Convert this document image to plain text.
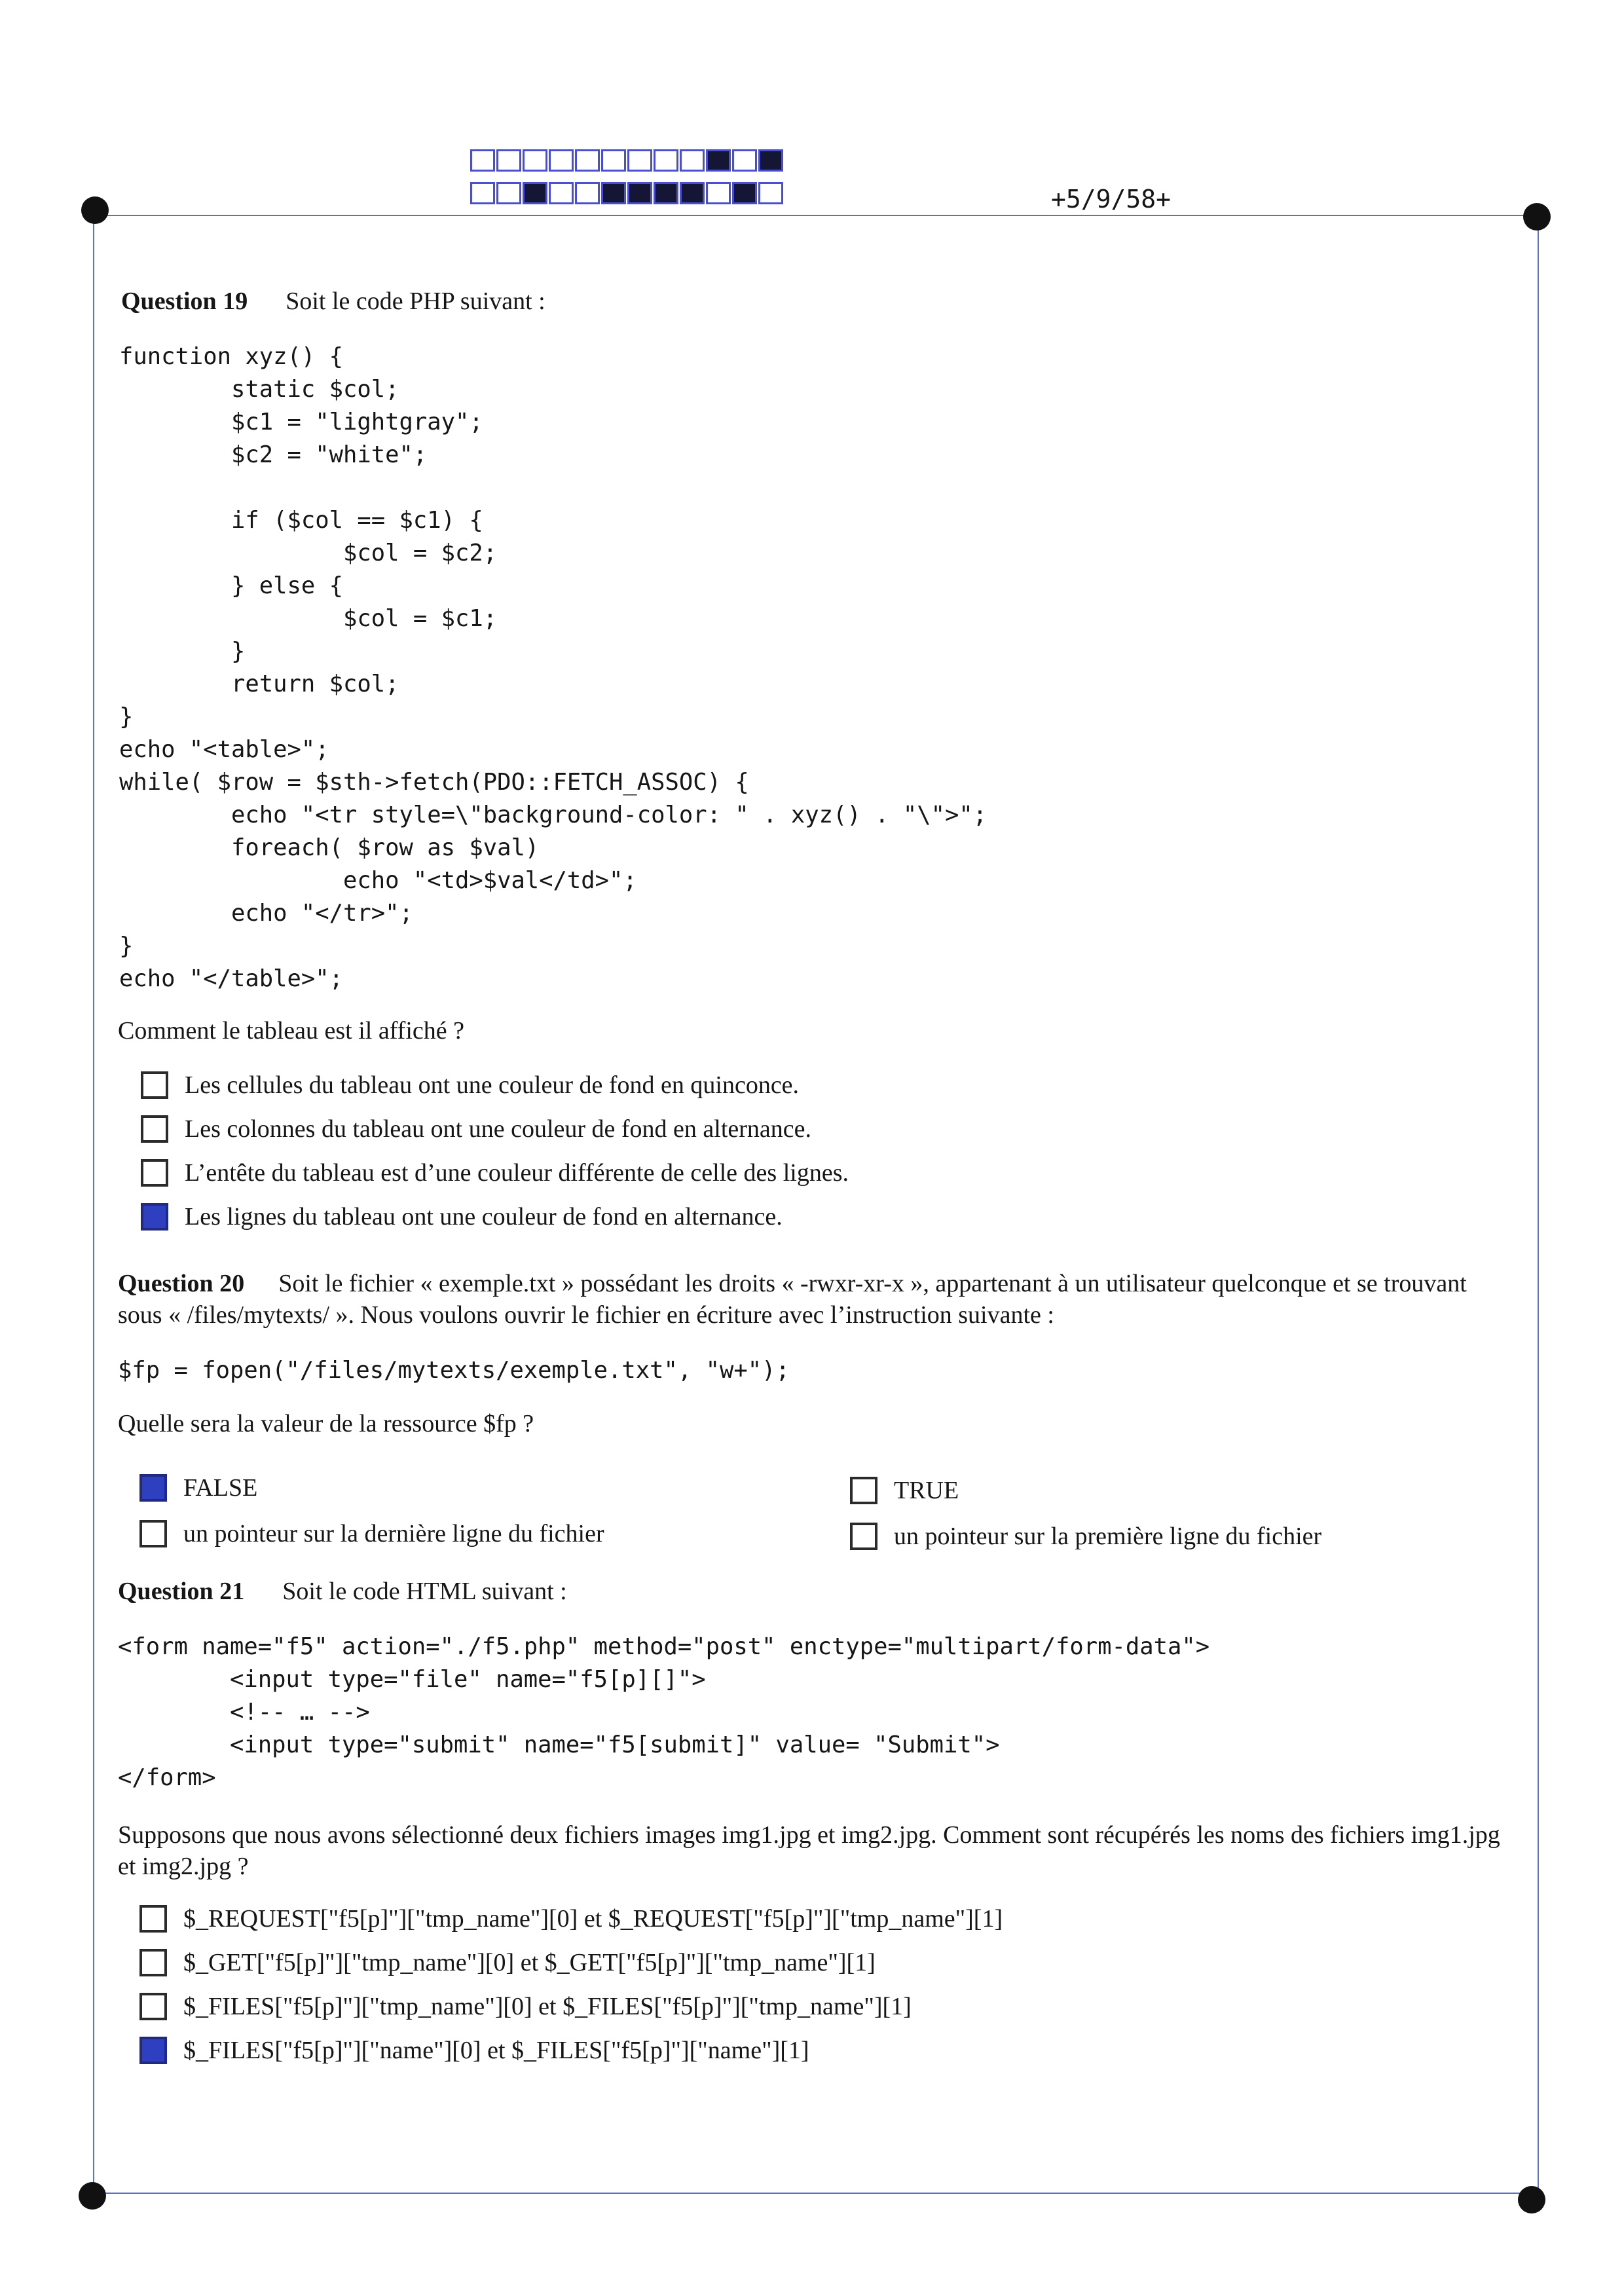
+5/9/58+
Question 19 Soit le code PHP suivant :
function xyz() {
static $col;
$c1 = "lightgray";
$c2 = "white";

if ($col == $c1) {
$col = $c2;
} else {
$col = $c1;
}
return $col;
}
echo "<table>";
while( $row = $sth->fetch(PDO::FETCH_ASSOC) {
echo "<tr style=\"background-color: " . xyz() . "\">";
foreach( $row as $val)
echo "<td>$val</td>";
echo "</tr>";
}
echo "</table>";
Comment le tableau est il affiché ?
Les cellules du tableau ont une couleur de fond en quinconce.
Les colonnes du tableau ont une couleur de fond en alternance.
L’entête du tableau est d’une couleur différente de celle des lignes.
Les lignes du tableau ont une couleur de fond en alternance.
Question 20 Soit le fichier « exemple.txt » possédant les droits « -rwxr-xr-x », appartenant à un utilisateur quelconque et se trouvant sous « /files/mytexts/ ». Nous voulons ouvrir le fichier en écriture avec l’instruction suivante :
$fp = fopen("/files/mytexts/exemple.txt", "w+");
Quelle sera la valeur de la ressource $fp ?
FALSE	TRUE
un pointeur sur la dernière ligne du fichier	un pointeur sur la première ligne du fichier
Question 21 Soit le code HTML suivant :
<form name="f5" action="./f5.php" method="post" enctype="multipart/form-data">
<input type="file" name="f5[p][]">
<!-- … -->
<input type="submit" name="f5[submit]" value= "Submit">
</form>
Supposons que nous avons sélectionné deux fichiers images img1.jpg et img2.jpg. Comment sont récupérés les noms des fichiers img1.jpg et img2.jpg ?
$_REQUEST["f5[p]"]["tmp_name"][0] et $_REQUEST["f5[p]"]["tmp_name"][1]
$_GET["f5[p]"]["tmp_name"][0] et $_GET["f5[p]"]["tmp_name"][1]
$_FILES["f5[p]"]["tmp_name"][0] et $_FILES["f5[p]"]["tmp_name"][1]
$_FILES["f5[p]"]["name"][0] et $_FILES["f5[p]"]["name"][1]
